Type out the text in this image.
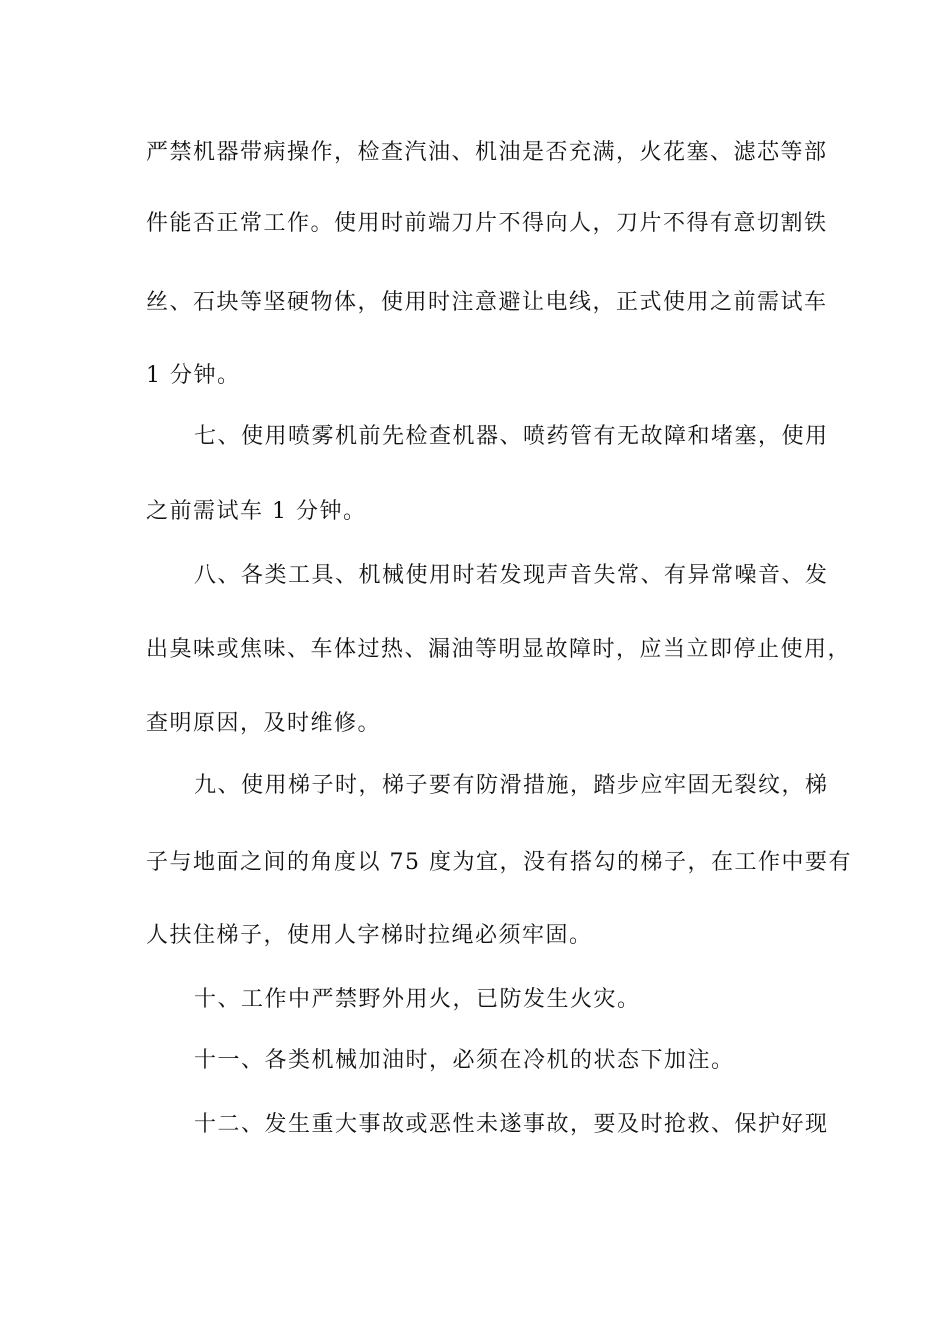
严禁机器带病操作，检查汽油、机油是否充满，火花塞、滤芯等部
件能否正常工作。使用时前端刀片不得向人，刀片不得有意切割铁
丝、石块等坚硬物体，使用时注意避让电线，正式使用之前需试车
1 分钟。
七、使用喷雾机前先检查机器、喷药管有无故障和堵塞，使用
之前需试车 1 分钟。
八、各类工具、机械使用时若发现声音失常、有异常噪音、发
出臭味或焦味、车体过热、漏油等明显故障时，应当立即停止使用，
查明原因，及时维修。
九、使用梯子时，梯子要有防滑措施，踏步应牢固无裂纹，梯
子与地面之间的角度以 75 度为宜，没有搭勾的梯子，在工作中要有
人扶住梯子，使用人字梯时拉绳必须牢固。
十、工作中严禁野外用火，已防发生火灾。
十一、各类机械加油时，必须在冷机的状态下加注。
十二、发生重大事故或恶性未遂事故，要及时抢救、保护好现
